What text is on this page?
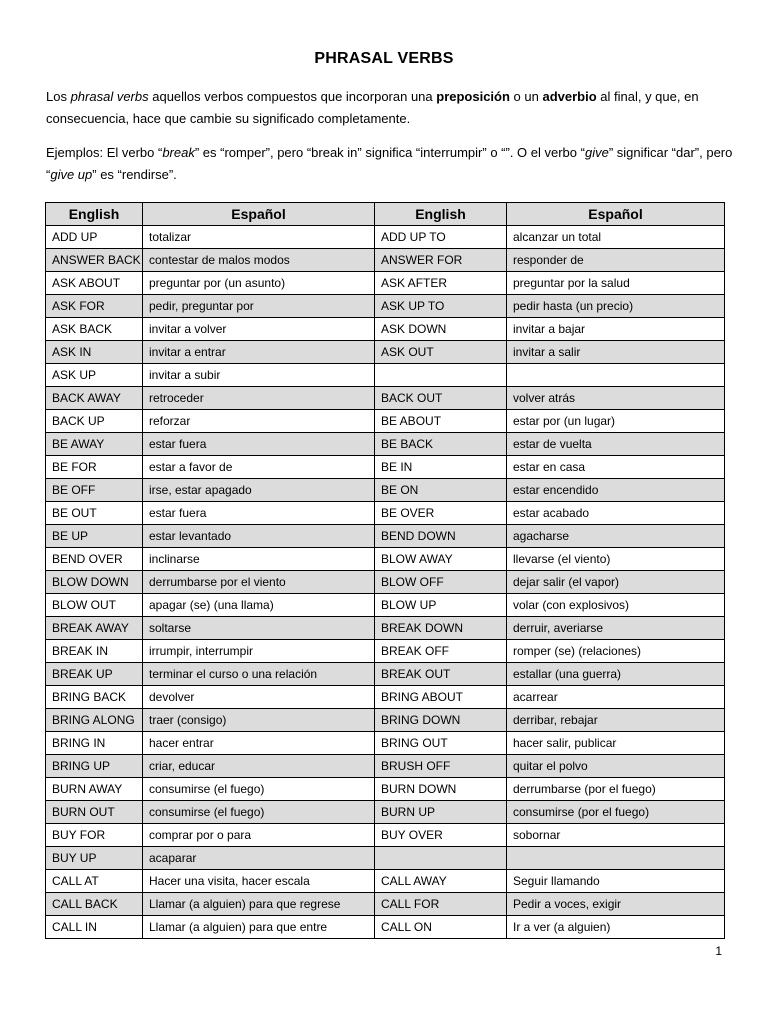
PHRASAL VERBS
Los phrasal verbs aquellos verbos compuestos que incorporan una preposición o un adverbio al final, y que, en consecuencia, hace que cambie su significado completamente.
Ejemplos: El verbo “break” es “romper”, pero “break in” significa “interrumpir” o “”. O el verbo “give” significar “dar”, pero “give up” es “rendirse”.
English	Español	English	Español
ADD UP	totalizar	ADD UP TO	alcanzar un total
ANSWER BACK	contestar de malos modos	ANSWER FOR	responder de
ASK ABOUT	preguntar por (un asunto)	ASK AFTER	preguntar por la salud
ASK FOR	pedir, preguntar por	ASK UP TO	pedir hasta (un precio)
ASK BACK	invitar a volver	ASK DOWN	invitar a bajar
ASK IN	invitar a entrar	ASK OUT	invitar a salir
ASK UP	invitar a subir		
BACK AWAY	retroceder	BACK OUT	volver atrás
BACK UP	reforzar	BE ABOUT	estar por (un lugar)
BE AWAY	estar fuera	BE BACK	estar de vuelta
BE FOR	estar a favor de	BE IN	estar en casa
BE OFF	irse, estar apagado	BE ON	estar encendido
BE OUT	estar fuera	BE OVER	estar acabado
BE UP	estar levantado	BEND DOWN	agacharse
BEND OVER	inclinarse	BLOW AWAY	llevarse (el viento)
BLOW DOWN	derrumbarse por el viento	BLOW OFF	dejar salir (el vapor)
BLOW OUT	apagar (se) (una llama)	BLOW UP	volar (con explosivos)
BREAK AWAY	soltarse	BREAK DOWN	derruir, averiarse
BREAK IN	irrumpir, interrumpir	BREAK OFF	romper (se) (relaciones)
BREAK UP	terminar el curso o una relación	BREAK OUT	estallar (una guerra)
BRING BACK	devolver	BRING ABOUT	acarrear
BRING ALONG	traer (consigo)	BRING DOWN	derribar, rebajar
BRING IN	hacer entrar	BRING OUT	hacer salir, publicar
BRING UP	criar, educar	BRUSH OFF	quitar el polvo
BURN AWAY	consumirse (el fuego)	BURN DOWN	derrumbarse (por el fuego)
BURN OUT	consumirse (el fuego)	BURN UP	consumirse (por el fuego)
BUY FOR	comprar por o para	BUY OVER	sobornar
BUY UP	acaparar		
CALL AT	Hacer una visita, hacer escala	CALL AWAY	Seguir llamando
CALL BACK	Llamar (a alguien) para que regrese	CALL FOR	Pedir a voces, exigir
CALL IN	Llamar (a alguien) para que entre	CALL ON	Ir a ver (a alguien)
1
